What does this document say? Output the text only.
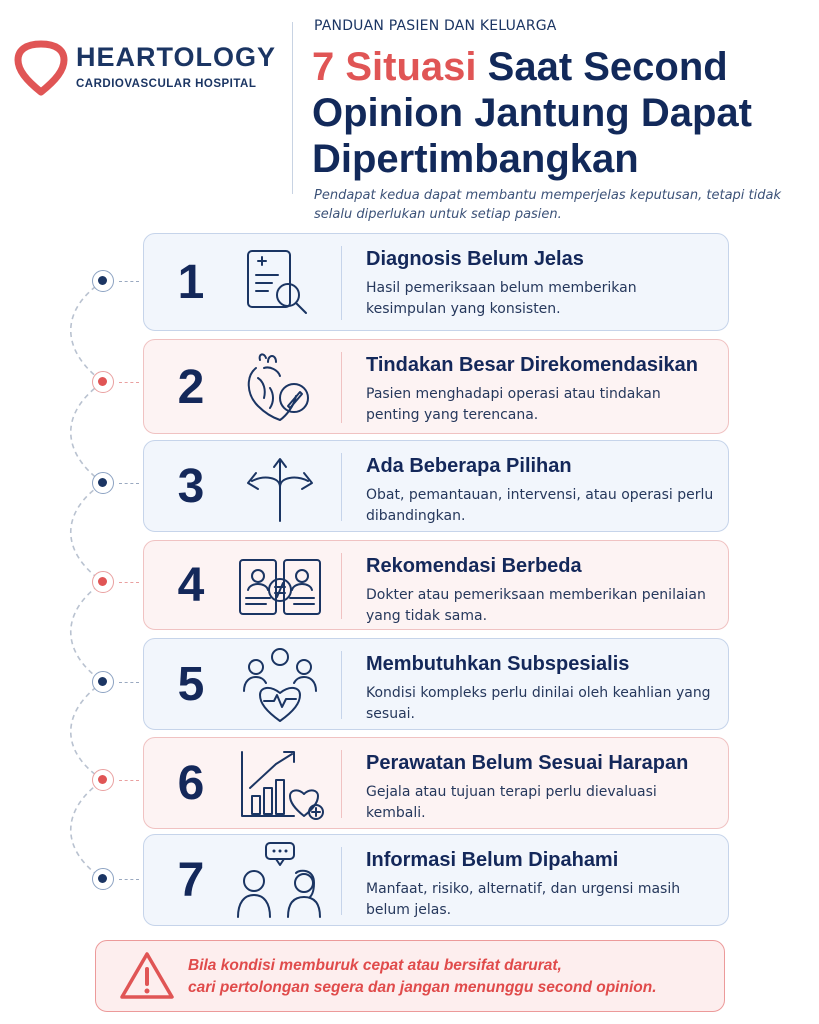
HEARTOLOGY
CARDIOVASCULAR HOSPITAL
PANDUAN PASIEN DAN KELUARGA
7 Situasi Saat Second Opinion Jantung Dapat Dipertimbangkan
Pendapat kedua dapat membantu memperjelas keputusan, tetapi tidak selalu diperlukan untuk setiap pasien.
1	Diagnosis Belum Jelas
Hasil pemeriksaan belum memberikan kesimpulan yang konsisten.
2	Tindakan Besar Direkomendasikan
Pasien menghadapi operasi atau tindakan penting yang terencana.
3	Ada Beberapa Pilihan
Obat, pemantauan, intervensi, atau operasi perlu dibandingkan.
4	Rekomendasi Berbeda
Dokter atau pemeriksaan memberikan penilaian yang tidak sama.
5	Membutuhkan Subspesialis
Kondisi kompleks perlu dinilai oleh keahlian yang sesuai.
6	Perawatan Belum Sesuai Harapan
Gejala atau tujuan terapi perlu dievaluasi kembali.
7	Informasi Belum Dipahami
Manfaat, risiko, alternatif, dan urgensi masih belum jelas.
Bila kondisi memburuk cepat atau bersifat darurat,
cari pertolongan segera dan jangan menunggu second opinion.
